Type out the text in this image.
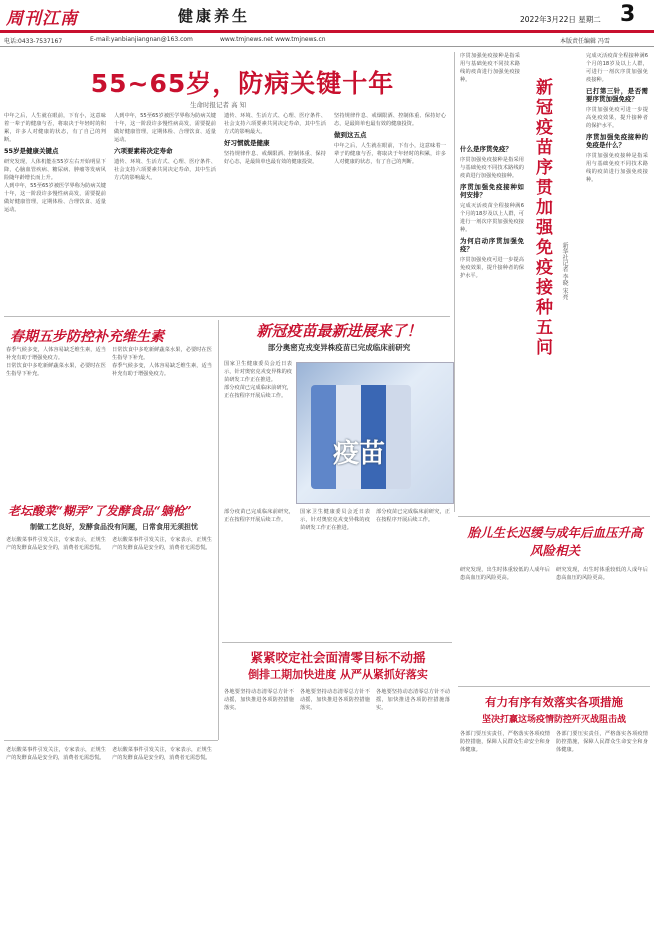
周刊江南	健康养生	2022年3月22日 星期二 3
电话:0433-7537167	E-mail:yanbianjiangnan@163.com	www.tmjnews.net www.tmjnews.cn	本版责任编辑 冯雪
55~65岁，防病关键十年
生命时报记者 高 知
中年之后，人生就在眼前，下有小，这意味着一辈子的健康与否，将取决于年轻时的积累，许多人对健康的状态，有了自己的判断。
55岁是健康关键点
研究发现，人体机能在55岁左右开始明显下降，心脑血管疾病、糖尿病、肿瘤等发病风险随年龄增长而上升。
人到中年，55至65岁被医学界称为防病关键十年，这一阶段许多慢性病高发，需要提前做好健康管理，定期体检、合理饮食、适量运动。
人到中年，55至65岁被医学界称为防病关键十年，这一阶段许多慢性病高发，需要提前做好健康管理，定期体检、合理饮食、适量运动。
六项要素将决定寿命
遗传、环境、生活方式、心理、医疗条件、社会支持六项要素共同决定寿命，其中生活方式的影响最大。
遗传、环境、生活方式、心理、医疗条件、社会支持六项要素共同决定寿命，其中生活方式的影响最大。
好习惯就是健康
坚持规律作息、戒烟限酒、控制体重、保持好心态，是最简单也最有效的健康投资。
坚持规律作息、戒烟限酒、控制体重、保持好心态，是最简单也最有效的健康投资。
做到这五点
中年之后，人生就在眼前，下有小，这意味着一辈子的健康与否，将取决于年轻时的积累，许多人对健康的状态，有了自己的判断。
序贯加强免疫接种是指采用与基础免疫不同技术路线的疫苗进行加强免疫接种。	新冠疫苗序贯加强免疫接种五问	新华社记者 李晓 宋亮
什么是序贯免疫？
序贯加强免疫接种是指采用与基础免疫不同技术路线的疫苗进行加强免疫接种。
序贯加强免疫接种如何安排？
完成灭活疫苗全程接种满6个月的18岁及以上人群，可进行一剂次序贯加强免疫接种。
为何启动序贯加强免疫？
序贯加强免疫可进一步提高免疫效果，提升接种者的保护水平。
完成灭活疫苗全程接种满6个月的18岁及以上人群，可进行一剂次序贯加强免疫接种。
已打第三针，是否需要序贯加强免疫？
序贯加强免疫可进一步提高免疫效果，提升接种者的保护水平。
序贯加强免疫接种的免疫是什么？
序贯加强免疫接种是指采用与基础免疫不同技术路线的疫苗进行加强免疫接种。
春期五步防控补充维生素
春季气候多变，人体容易缺乏维生素，适当补充有助于增强免疫力。
日常饮食中多吃新鲜蔬菜水果，必要时在医生指导下补充。
日常饮食中多吃新鲜蔬菜水果，必要时在医生指导下补充。
春季气候多变，人体容易缺乏维生素，适当补充有助于增强免疫力。
老坛酸菜“糊弄”了发酵食品“躺枪”
制做工艺良好，发酵食品没有问题，日常食用无须担忧
老坛酸菜事件引发关注，专家表示，正规生产的发酵食品是安全的，消费者无需恐慌。
老坛酸菜事件引发关注，专家表示，正规生产的发酵食品是安全的，消费者无需恐慌。
新冠疫苗最新进展来了！
部分奥密克戎变异株疫苗已完成临床前研究
国家卫生健康委员会近日表示，针对奥密克戎变异株的疫苗研发工作正在推进。
部分疫苗已完成临床前研究，正在按程序开展后续工作。
疫苗
部分疫苗已完成临床前研究，正在按程序开展后续工作。
国家卫生健康委员会近日表示，针对奥密克戎变异株的疫苗研发工作正在推进。
部分疫苗已完成临床前研究，正在按程序开展后续工作。
紧紧咬定社会面清零目标不动摇
倒排工期加快进度 从严从紧抓好落实
各地要坚持动态清零总方针不动摇，加快推进各项防控措施落实。
各地要坚持动态清零总方针不动摇，加快推进各项防控措施落实。
各地要坚持动态清零总方针不动摇，加快推进各项防控措施落实。
老坛酸菜事件引发关注，专家表示，正规生产的发酵食品是安全的，消费者无需恐慌。
老坛酸菜事件引发关注，专家表示，正规生产的发酵食品是安全的，消费者无需恐慌。
胎儿生长迟缓与成年后血压升高风险相关
研究发现，出生时体重较低的人成年后患高血压的风险更高。
研究发现，出生时体重较低的人成年后患高血压的风险更高。
有力有序有效落实各项措施
坚决打赢这场疫情防控歼灭战阻击战
各部门要压实责任，严格落实各项疫情防控措施，保障人民群众生命安全和身体健康。
各部门要压实责任，严格落实各项疫情防控措施，保障人民群众生命安全和身体健康。
